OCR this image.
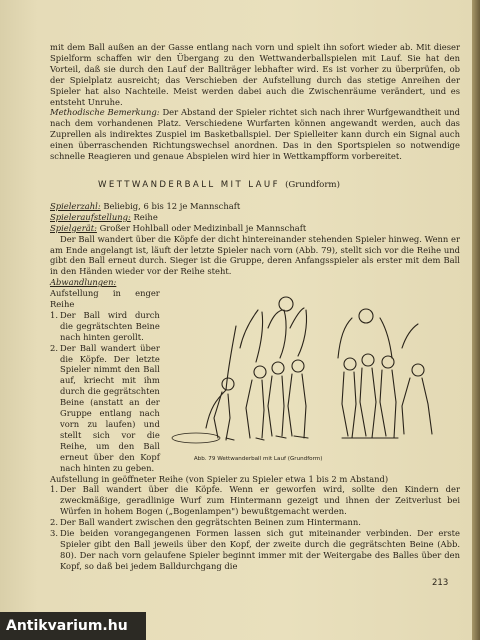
mit dem Ball außen an der Gasse entlang nach vorn und spielt ihn sofort wieder ab. Mit dieser Spielform schaffen wir den Übergang zu den Wettwanderballspielen mit Lauf. Sie hat den Vorteil, daß sie durch den Lauf der Ballträger lebhafter wird. Es ist vorher zu überprüfen, ob der Spielplatz ausreicht; das Verschieben der Aufstellung durch das stetige Anreihen der Spieler hat also Nachteile. Meist werden dabei auch die Zwischenräume verändert, und es entsteht Unruhe.

Methodische Bemerkung: Der Abstand der Spieler richtet sich nach ihrer Wurfgewandtheit und nach dem vorhandenen Platz. Verschiedene Wurfarten können angewandt werden, auch das Zuprellen als indirektes Zuspiel im Basketballspiel. Der Spielleiter kann durch ein Signal auch einen überraschenden Richtungswechsel anordnen. Das in den Sportspielen so notwendige schnelle Reagieren und genaue Abspielen wird hier in Wettkampfform vorbereitet.

WETTWANDERBALL MIT LAUF (Grundform)

Spielerzahl: Beliebig, 6 bis 12 je Mannschaft

Spieleraufstellung: Reihe

Spielgerät: Großer Hohlball oder Medizinball je Mannschaft

Der Ball wandert über die Köpfe der dicht hintereinander stehenden Spieler hinweg. Wenn er am Ende angelangt ist, läuft der letzte Spieler nach vorn (Abb. 79), stellt sich vor die Reihe und gibt den Ball erneut durch. Sieger ist die Gruppe, deren Anfangsspieler als erster mit dem Ball in den Händen wieder vor der Reihe steht.

Abwandlungen:

Aufstellung in enger Reihe

1. Der Ball wird durch die gegrätschten Beine nach hinten gerollt.
2. Der Ball wandert über die Köpfe. Der letzte Spieler nimmt den Ball auf, kriecht mit ihm durch die gegrätschten Beine (anstatt an der Gruppe entlang nach vorn zu laufen) und stellt sich vor die Reihe, um den Ball erneut über den Kopf nach hinten zu geben.
Abb. 79 Wettwanderball mit Lauf (Grundform)

Aufstellung in geöffneter Reihe (von Spieler zu Spieler etwa 1 bis 2 m Abstand)

1. Der Ball wandert über die Köpfe. Wenn er geworfen wird, sollte den Kindern der zweckmäßige, geradlinige Wurf zum Hintermann gezeigt und ihnen der Zeitverlust bei Würfen in hohem Bogen („Bogenlampen") bewußtgemacht werden.
2. Der Ball wandert zwischen den gegrätschten Beinen zum Hintermann.
3. Die beiden vorangegangenen Formen lassen sich gut miteinander verbinden. Der erste Spieler gibt den Ball jeweils über den Kopf, der zweite durch die gegrätschten Beine (Abb. 80). Der nach vorn gelaufene Spieler beginnt immer mit der Weitergabe des Balles über den Kopf, so daß bei jedem Balldurchgang die
213
Antikvarium.hu
